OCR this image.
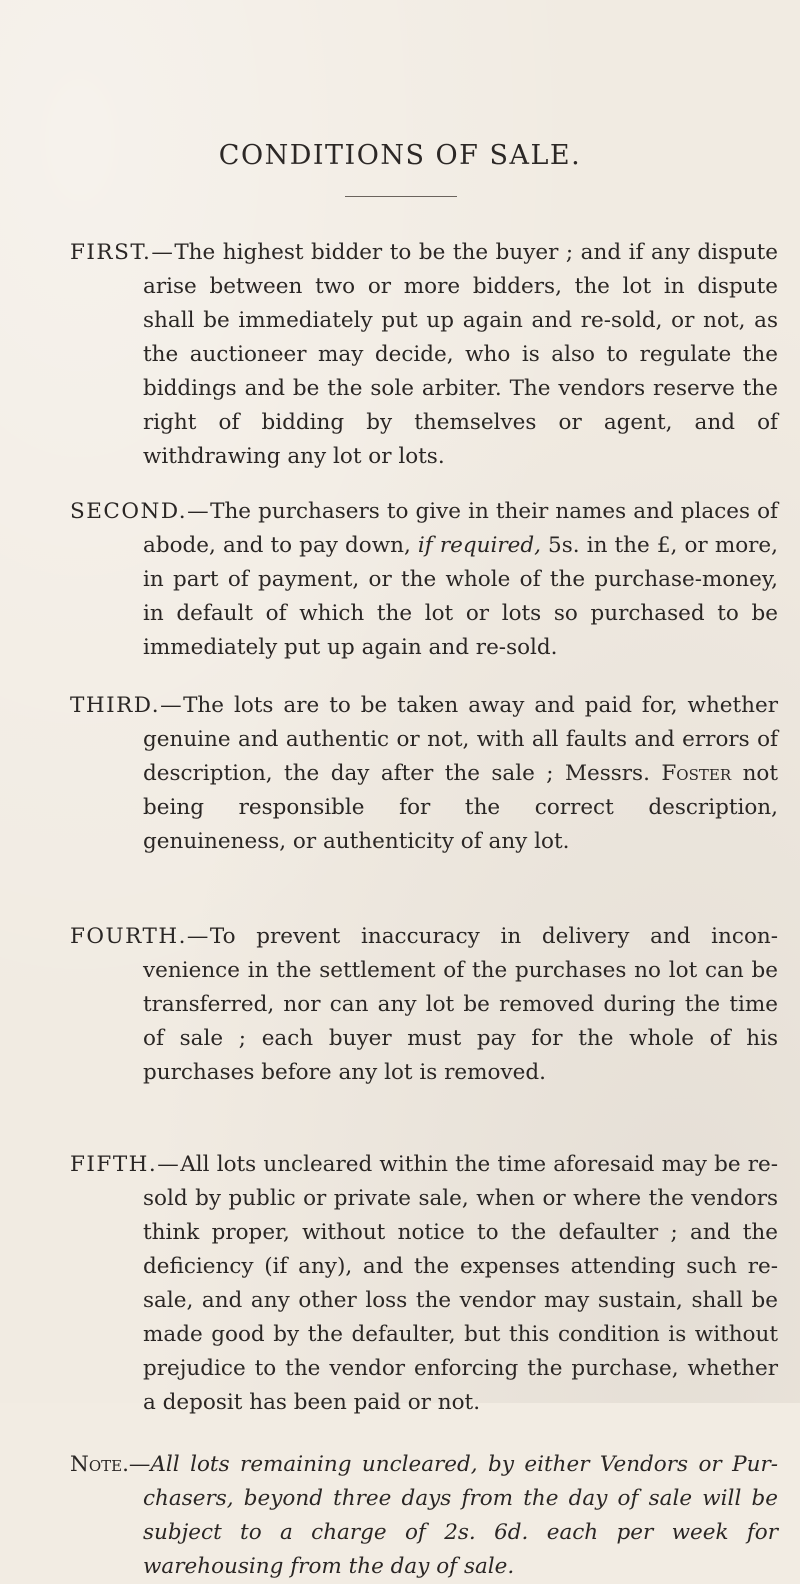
CONDITIONS OF SALE.
FIRST.—The highest bidder to be the buyer ; and if any dispute arise between two or more bidders, the lot in dispute shall be immediately put up again and re-sold, or not, as the auctioneer may decide, who is also to regulate the biddings and be the sole arbiter. The vendors reserve the right of bidding by themselves or agent, and of withdrawing any lot or lots.
SECOND.—The purchasers to give in their names and places of abode, and to pay down, if required, 5s. in the £, or more, in part of payment, or the whole of the purchase-money, in default of which the lot or lots so purchased to be immediately put up again and re-sold.
THIRD.—The lots are to be taken away and paid for, whether genuine and authentic or not, with all faults and errors of description, the day after the sale ; Messrs. Foster not being responsible for the correct description, genuineness, or authenticity of any lot.
FOURTH.—To prevent inaccuracy in delivery and incon-venience in the settlement of the purchases no lot can be transferred, nor can any lot be removed during the time of sale ; each buyer must pay for the whole of his purchases before any lot is removed.
FIFTH.—All lots uncleared within the time aforesaid may be re-sold by public or private sale, when or where the vendors think proper, without notice to the defaulter ; and the deficiency (if any), and the expenses attending such re-sale, and any other loss the vendor may sustain, shall be made good by the defaulter, but this condition is without prejudice to the vendor enforcing the purchase, whether a deposit has been paid or not.
Note.—All lots remaining uncleared, by either Vendors or Pur-chasers, beyond three days from the day of sale will be subject to a charge of 2s. 6d. each per week for warehousing from the day of sale.
